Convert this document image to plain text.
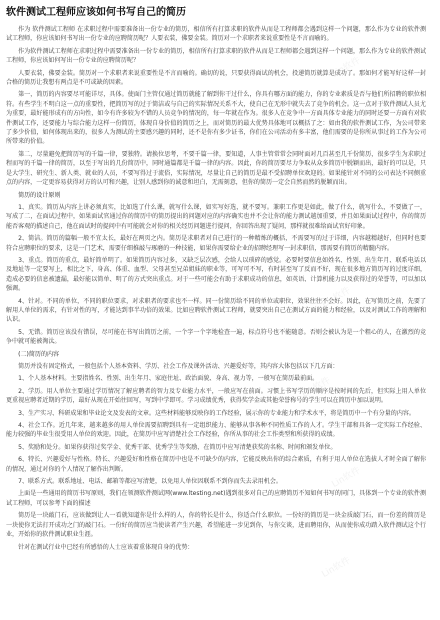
软件测试工程师应该如何书写自己的简历

作为 软件测试工程师 在求职过程中需要准备出一份专业的简历，相信所有打算求职的软件从而是工程师都会遇到这样一个问题，那么作为专业的软件测试工程师，你应该如何书写出一份专业的应聘简历呢？人要衣装，佛要金装。简历对一个求职者来说重要性是不言而喻的。

作为软件测试工程师在求职过程中需要准备出一份专业的简历，相信所有打算求职的软件从而是工程师都会遇到这样一个问题，那么作为专业的软件测试工程师，你应该如何写出一份专业的应聘简历呢？

人要衣装，佛要金装。简历对一个求职者来说重要性是不言而喻的。确切的说，只要获得面试的机会，投递简历就算是成功了。那如何才能写好这样一封合格的简历让我想有两点是不可或缺的因素。

第一，简历的内容要尽可能详尽，具体。使面门主管仅通过简历就能了解到你干过什么，你具有哪方面的能力，你的专业素质是否与他们所招聘的职位相符。有些学生不明白这一点的重要性，把简历写的过于简洁或与自己的实际情况关系不大，使自己在无形中就失去了竞争的机会。这一点对于软件测试人员尤为重要，最好能形成有的方向性，如今有许多较为不错的人员竞争的情况的，每一年就在作为。很多人在竞争中一方面具体专业能力的同时还要一方面有对软件测试工作，还要能力与综合能力这样一份简历，体现自身价值的简历之上，而对简历的最大优势具体地可以概括了之：如由我的软件测试工作，为公司带来了多少价值，如何体现出来的，很多人为测试的主要感兴趣的同时，还不是你有多少证书，你们在公司活动有多丰富，他们需要的是你所从事过的工作为公司所带来的价值。

第二，尽量避免把简历写的千篇一律，要独特。请换位思考，不要千篇一律，要知道，人事主管常常会同时面对几百甚至几千份简历，很多学生为求职过程而写的千篇一律的简历，以至于写出的几份简历中，同时通篇都是千篇一律的内容。因此，你的简历要尽力争取从众多简历中脱颖而出，最好的可以是，只是大学生、研究生、新人类、就业的人员，不要写得过于流俗，实际情况，尽量让自己的简历是最不受招聘单位欢迎的。如果能针对不同的公司表达不同侧重点的内容，一定更容易获得对方的认可和兴趣，让别人感到你的诚意和坦白，无需刻意，但你的简历一定会自然而然的脱颖而出。

简历的设计原则

1、真实。简历从内容上讲必须真实，比如选了什么课，就写什么课，如实写好选，就不要写。兼职工作更是如此，做了什么，就写什么，不要做了一，写成了二，在面试过程中，如果面试官通过你的简历中的简历提出的问题对应的内容确实也并不会让你的能力测试越加重要，并且如果面试过程中，你的简历能否客观的描述自己，他在面试时的提问中有可能就会对你的相关经历问题进行提问，你回答出现了疑问，那样就很难给面试官好印象。

2、简洁。简历的篇幅一般不宜太长，最好在两页之内。简历是求职者对自己进行的一种精炼的概括，不需要写的过于详细，内容越精越好，但同时也要符合应聘职位的要求，这是一门艺术，需要仔细推敲与琢磨的一种技能，如果你需要给企业的招聘经理写一封求职信，那需要有简历的精髓内容。

3、重点。简历的重点，最好简单明了。如果简历内容过多，又缺乏层次感，会给人以琐碎的感觉。必要时要信息如姓名、性别、出生年月、联系电话以及地址等一定要写上，相比之下，身高、体重、血型、父母甚至兄弟姐妹的职业等，可写可不写，有时甚至写了反而不好，现在很多地方简历写的过度详细，造成必要的信息被遗漏，最好能以简单、明了的方式突出重点。对于一些可能会有助于求职成功的信息，如英语、计算机能力以及获得过的荣誉等，可以加以强调。

4、针对。不同的单位，不同的职位要求，对求职者的要求也不一样。同一份简历给不同的单位或职位，效果往往不会好。因此，在写简历之前，先要了解用人单位的需求，有针对性的写，才能达到事半功倍的效果。比如应聘软件测试工程师，就要突出自己在测试方面的能力和经验，以及对测试工作的理解和认识。

5、无错。简历应该没有错误，尽可能在书写出简历之前，一个字一个字地检查一遍，标点符号也不能随意。否则会被认为是一个粗心的人，在激烈的竞争中就可能被淘汰。

(二)简历的内容

简历并没有固定格式，一般包括个人基本资料、学历、社会工作及课外活动、兴趣爱好等，其内容大体包括以下几方面：

1、个人基本材料。主要指姓名、性别、出生年月、家庭住址、政治面貌、身高、视力等，一般写在简历最前面。

2、学历。用人单位主要通过学历情况了解应聘者的智力及专业能力水平，一般应写在前面。习惯上书写学历的顺序是按时间的先后，但实际上用人单位更重视应聘者近期的学历，最好从现在开始往回写，写到中学即可。学习成绩优秀，获得奖学金或其他荣誉称号的学生可以在简历中加以说明。

3、生产实习、科研成果和毕业论文及发表的文章。这些材料能够反映你的工作经验，展示你的专业能力和学术水平，将是简历中一个有分量的内容。

4、社会工作。近几年来，越来越多的用人单位需要招聘到具有一定组织能力、能够从事各种不同性质工作的人才。学生干部和具备一定实际工作经验、能力较强的毕业生很受用人单位的欢迎。因此，在简历中应写清楚社会工作经验，你所从事的社会工作类型和所获得的成绩。

5、奖励和处分。如果你获得过奖学金、优秀干部、优秀学生等奖励，在简历中应写清楚获奖的名称、时间和颁发单位。

6、特长、兴趣爱好与性格。特长、兴趣爱好和性格在简历中也是不可缺少的内容，它能反映出你的综合素质，有利于用人单位在选拔人才时全面了解你的情况，通过对你的个人情况了解作出判断。

7、联系方式。联系地址、电话、邮箱等都应写清楚，以免用人单位因联系不到你而失去录用机会。

上面是一些通用的简历书写原则，我们在领测软件测试网(www.ltesting.net)遇到很多对自己的应聘简历不知如何书写的同门，具体到一个专业的软件测试工程师，可以参考下面的描述

简历是一块敲门石，应该做到让人一看就知道你是什么样的人，你的特长是什么，你适合什么职位。一份好的简历是一块金质敲门石，而一份差的简历是一块使你无法打开成功之门的敲门石。一份好的简历应当使读者产生兴趣，希望能进一步见到你，与你交谈，进而聘用你，从而使你成功踏入软件测试这个行业，开始你的软件测试职业生涯。

针对在测试行业中已经有所感悟的人士应该着重体现自身的优势：

Lin软件
Lin软件
Lin软件
Lin软件
Lin软件
Lin软件
